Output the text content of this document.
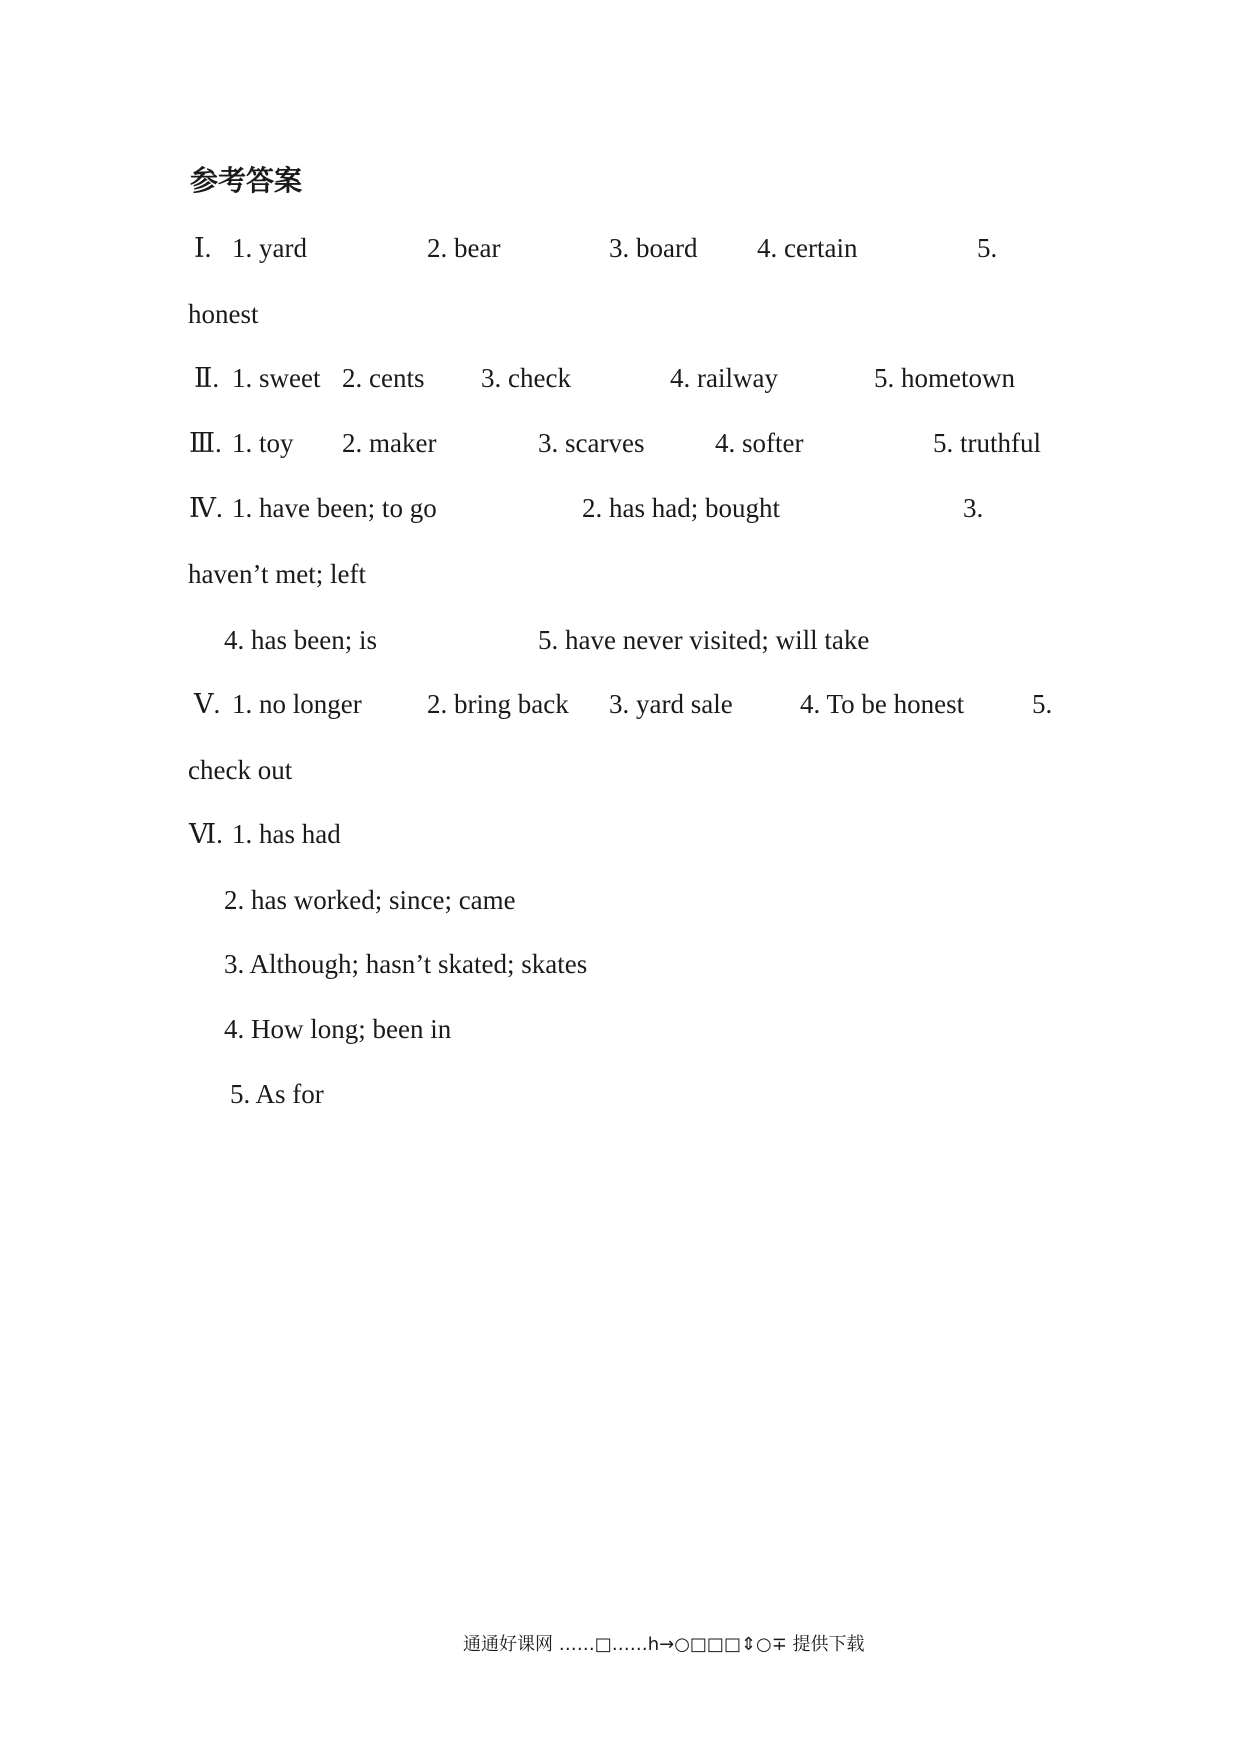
参考答案
Ⅰ. 1. yard	2. bear	3. board 4. certain	5.
honest
Ⅱ. 1. sweet 2. cents 3. check	4. railway	5. hometown
Ⅲ. 1. toy 2. maker	3. scarves	4. softer	5. truthful
Ⅳ. 1. have been; to go	2. has had; bought	3.
haven’t met; left
4. has been; is	5. have never visited; will take
Ⅴ. 1. no longer 2. bring back 3. yard sale 4. To be honest	5.
check out
Ⅵ. 1. has had
2. has worked; since; came
3. Although; hasn’t skated; skates
4. How long; been in
5. As for
通通好课网 ……□……h→○□□□⇕○∓ 提供下载
